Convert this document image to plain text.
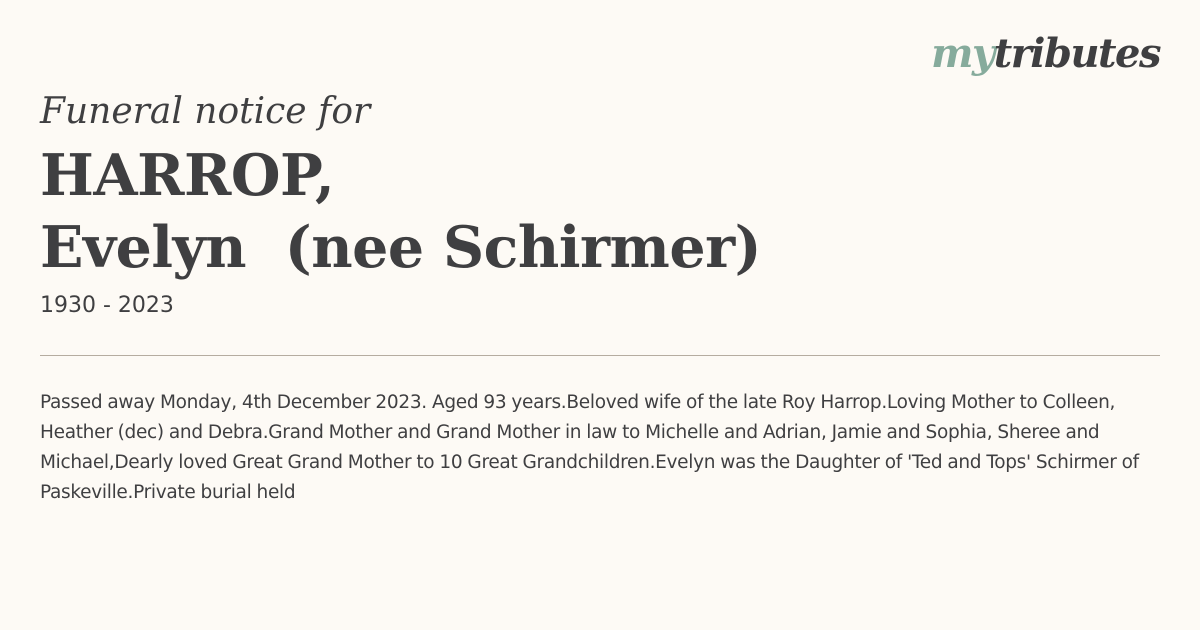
mytributes
Funeral notice for
HARROP,
Evelyn  (nee Schirmer)
1930 - 2023

Passed away Monday, 4th December 2023. Aged 93 years.Beloved wife of the late Roy Harrop.Loving Mother to Colleen, Heather (dec) and Debra.Grand Mother and Grand Mother in law to Michelle and Adrian, Jamie and Sophia, Sheree and Michael,Dearly loved Great Grand Mother to 10 Great Grandchildren.Evelyn was the Daughter of 'Ted and Tops' Schirmer of Paskeville.Private burial held
